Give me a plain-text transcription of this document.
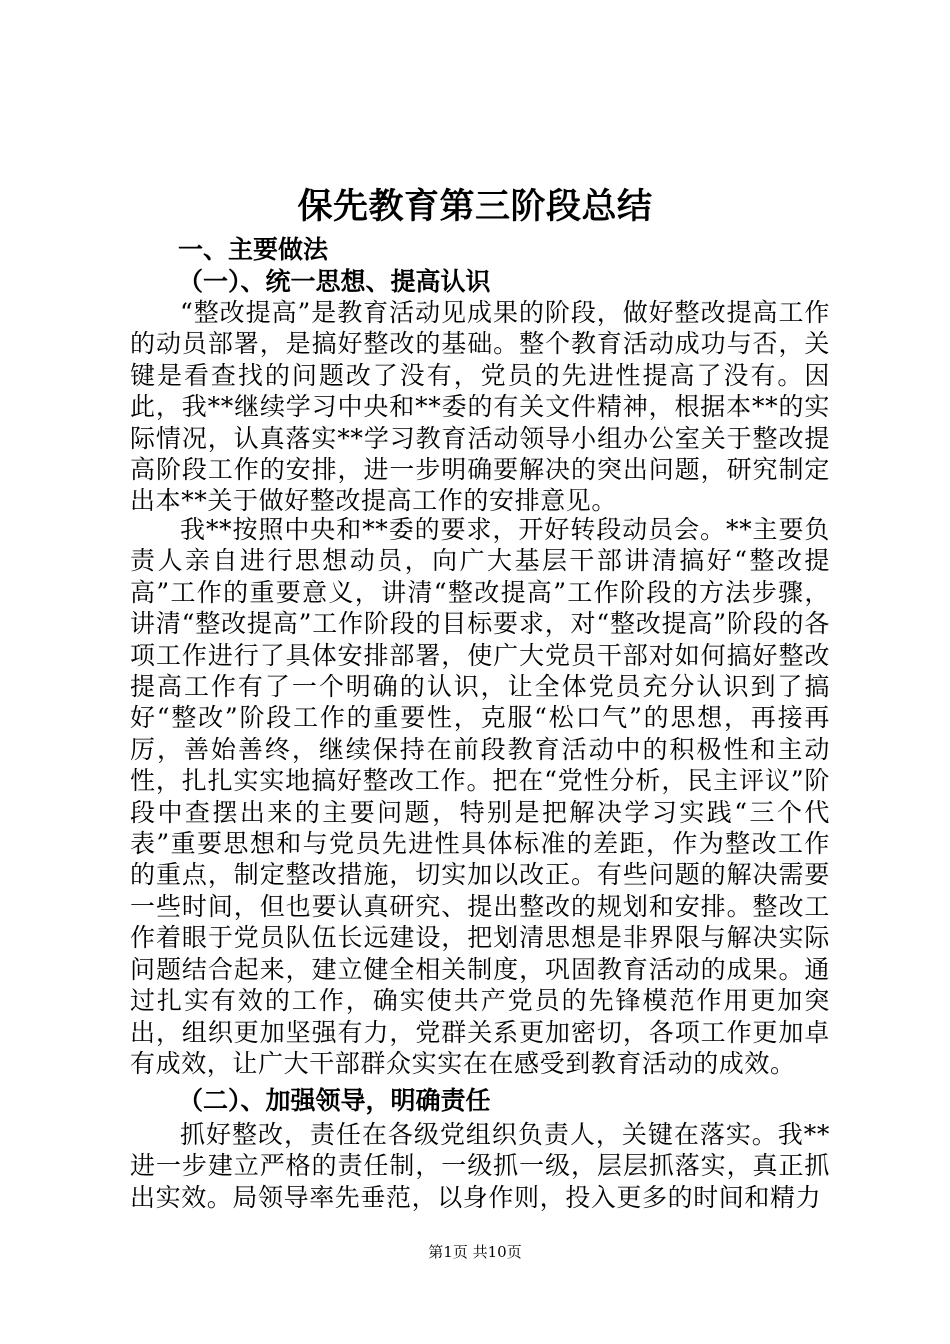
保先教育第三阶段总结
一、主要做法
（一）、统一思想、提高认识
“整改提高”是教育活动见成果的阶段，做好整改提高工作的动员部署，是搞好整改的基础。整个教育活动成功与否，关键是看查找的问题改了没有，党员的先进性提高了没有。因此，我**继续学习中央和**委的有关文件精神，根据本**的实际情况，认真落实**学习教育活动领导小组办公室关于整改提高阶段工作的安排，进一步明确要解决的突出问题，研究制定出本**关于做好整改提高工作的安排意见。
我**按照中央和**委的要求，开好转段动员会。**主要负责人亲自进行思想动员，向广大基层干部讲清搞好“整改提高”工作的重要意义，讲清“整改提高”工作阶段的方法步骤，讲清“整改提高”工作阶段的目标要求，对“整改提高”阶段的各项工作进行了具体安排部署，使广大党员干部对如何搞好整改提高工作有了一个明确的认识，让全体党员充分认识到了搞好“整改”阶段工作的重要性，克服“松口气”的思想，再接再厉，善始善终，继续保持在前段教育活动中的积极性和主动性，扎扎实实地搞好整改工作。把在“党性分析，民主评议”阶段中查摆出来的主要问题，特别是把解决学习实践“三个代表”重要思想和与党员先进性具体标准的差距，作为整改工作的重点，制定整改措施，切实加以改正。有些问题的解决需要一些时间，但也要认真研究、提出整改的规划和安排。整改工作着眼于党员队伍长远建设，把划清思想是非界限与解决实际问题结合起来，建立健全相关制度，巩固教育活动的成果。通过扎实有效的工作，确实使共产党员的先锋模范作用更加突出，组织更加坚强有力，党群关系更加密切，各项工作更加卓有成效，让广大干部群众实实在在感受到教育活动的成效。
（二）、加强领导，明确责任
抓好整改，责任在各级党组织负责人，关键在落实。我**进一步建立严格的责任制，一级抓一级，层层抓落实，真正抓出实效。局领导率先垂范，以身作则，投入更多的时间和精力
第1页 共10页
